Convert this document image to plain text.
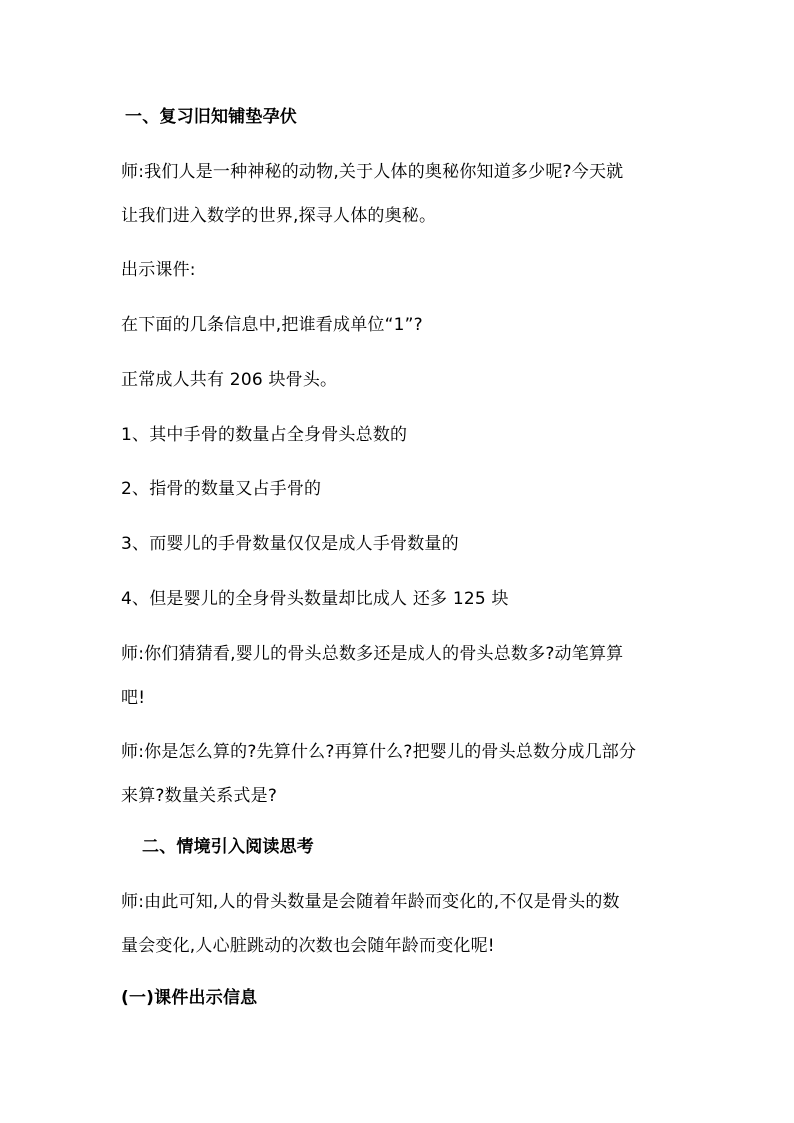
一、复习旧知铺垫孕伏
师:我们人是一种神秘的动物,关于人体的奥秘你知道多少呢?今天就
让我们进入数学的世界,探寻人体的奥秘。
出示课件:
在下面的几条信息中,把谁看成单位“1”?
正常成人共有 206 块骨头。
1、其中手骨的数量占全身骨头总数的
2、指骨的数量又占手骨的
3、而婴儿的手骨数量仅仅是成人手骨数量的
4、但是婴儿的全身骨头数量却比成人 还多 125 块
师:你们猜猜看,婴儿的骨头总数多还是成人的骨头总数多?动笔算算
吧!
师:你是怎么算的?先算什么?再算什么?把婴儿的骨头总数分成几部分
来算?数量关系式是?
二、情境引入阅读思考
师:由此可知,人的骨头数量是会随着年龄而变化的,不仅是骨头的数
量会变化,人心脏跳动的次数也会随年龄而变化呢!
(一)课件出示信息
